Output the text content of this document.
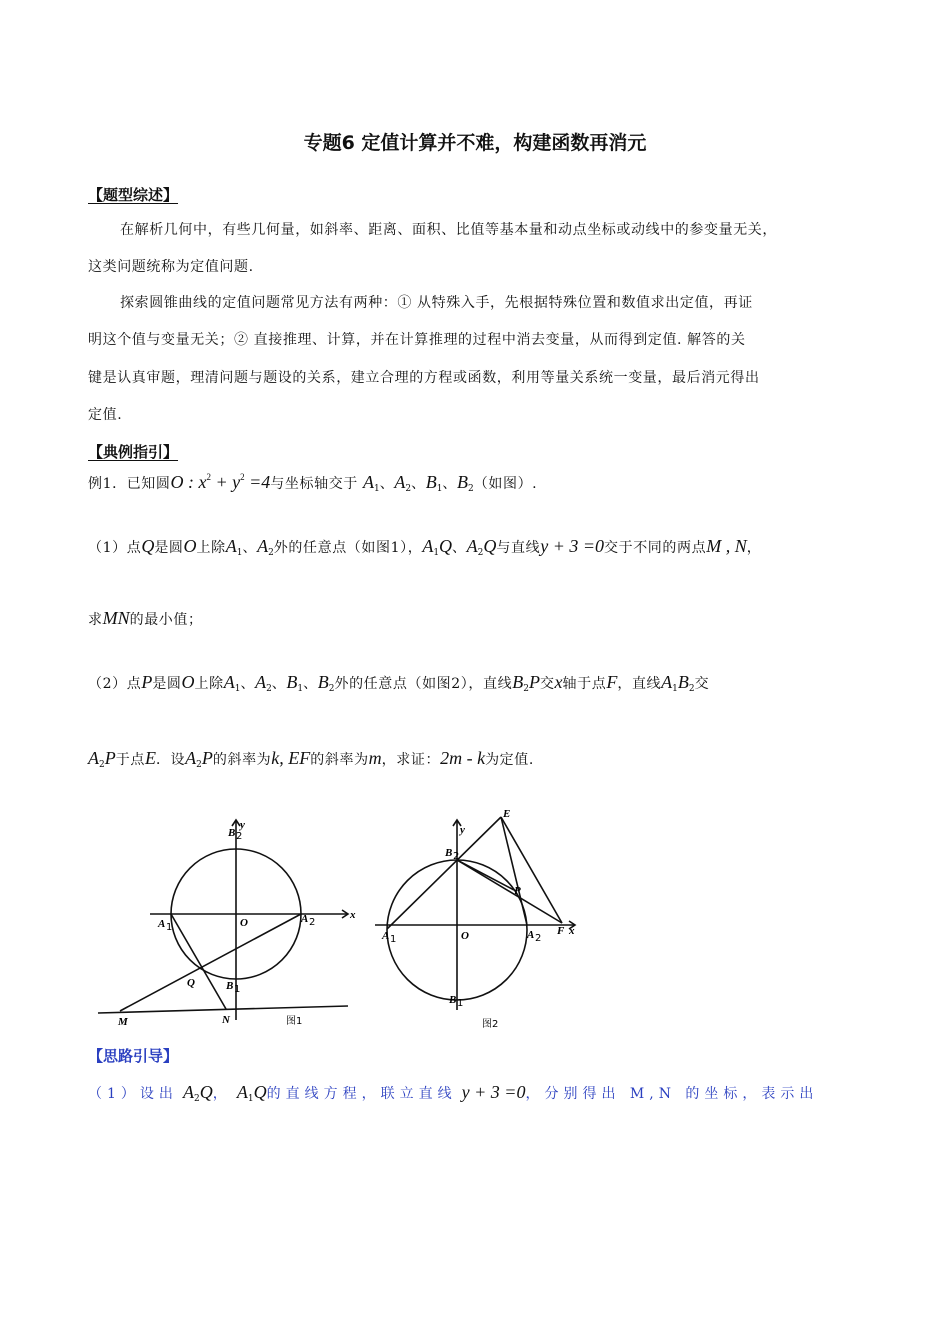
专题6 定值计算并不难，构建函数再消元
【题型综述】
在解析几何中，有些几何量，如斜率、距离、面积、比值等基本量和动点坐标或动线中的参变量无关，
这类问题统称为定值问题.
探索圆锥曲线的定值问题常见方法有两种：① 从特殊入手，先根据特殊位置和数值求出定值，再证
明这个值与变量无关；② 直接推理、计算，并在计算推理的过程中消去变量，从而得到定值. 解答的关
键是认真审题，理清问题与题设的关系，建立合理的方程或函数，利用等量关系统一变量，最后消元得出
定值.
【典例指引】
例1．已知圆O : $x^2 + y^2 =4$与坐标轴交于 A1、A2、B1、B2（如图）.
（1）点Q是圆O上除A1、A2外的任意点（如图1），A1Q、A2Q与直线y + 3 =0交于不同的两点M , N，
求MN的最小值；
（2）点P是圆O上除A1、A2、B1、B2外的任意点（如图2），直线B2P交x轴于点F，直线A1B2交
A2P于点E．设A2P的斜率为k, EF的斜率为m，求证：2m - k为定值.
B 2
y
x
A 1
A 2
O
Q	B 1
M	N	图1
E
y
B 2
P
A 1	O	A 2
F x
B 1
图2
【思路引导】
（1）设出 A2Q， A1Q的直线方程，联立直线 y + 3 =0，分别得出 M,N 的坐标，表示出
